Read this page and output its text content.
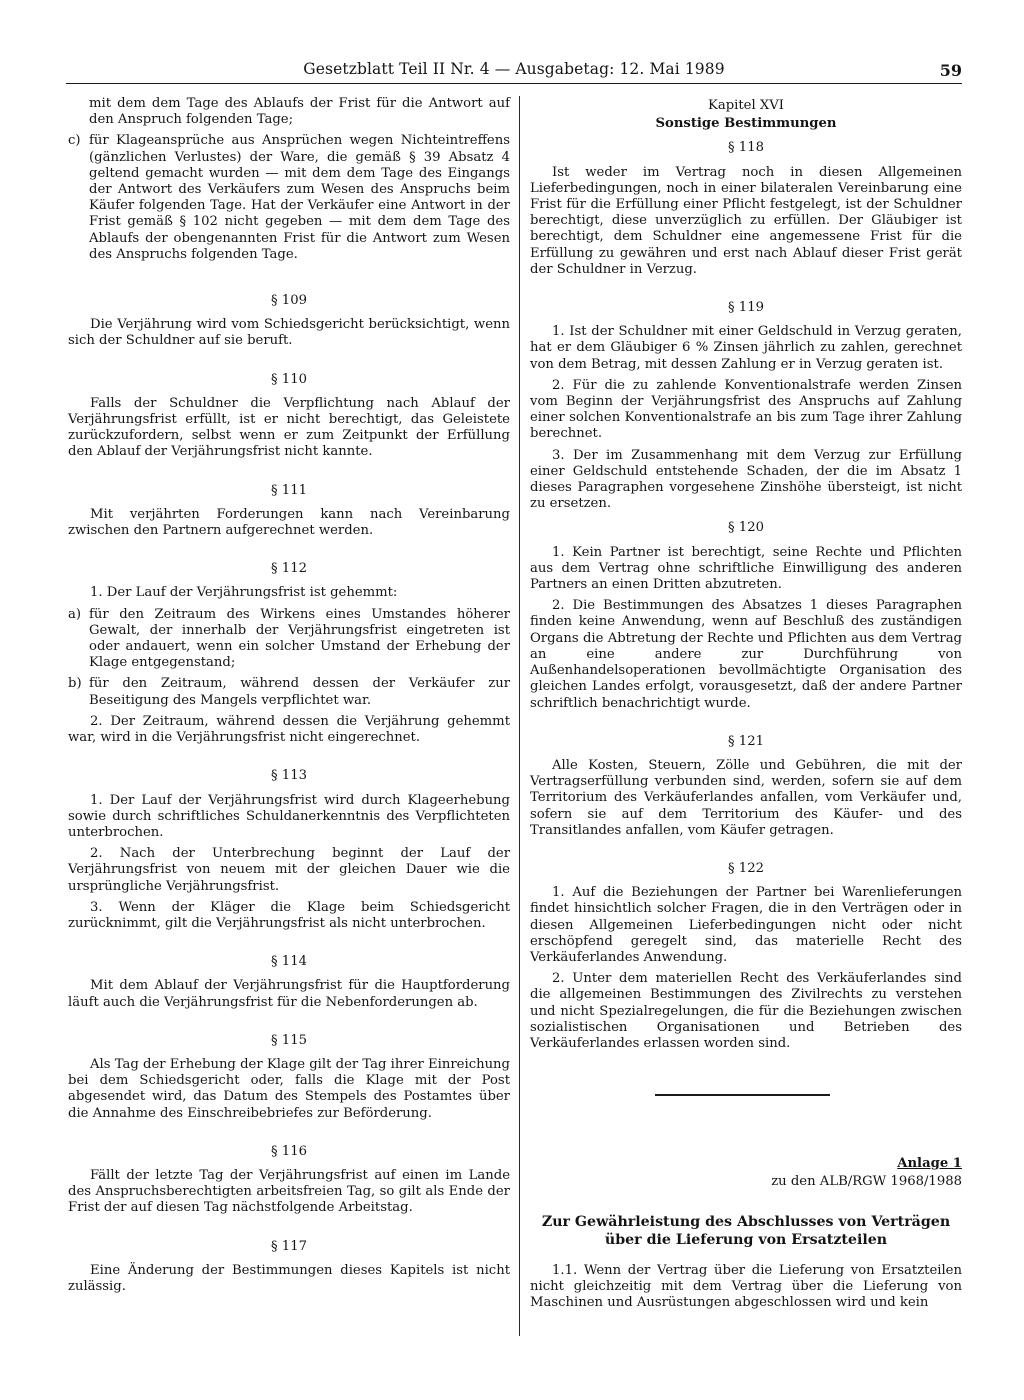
Gesetzblatt Teil II Nr. 4 — Ausgabetag: 12. Mai 1989	59

mit dem dem Tage des Ablaufs der Frist für die Antwort auf den Anspruch folgenden Tage;

c) für Klageansprüche aus Ansprüchen wegen Nichteintreffens (gänzlichen Verlustes) der Ware, die gemäß § 39 Absatz 4 geltend gemacht wurden — mit dem dem Tage des Eingangs der Antwort des Verkäufers zum Wesen des Anspruchs beim Käufer folgenden Tage. Hat der Verkäufer eine Antwort in der Frist gemäß § 102 nicht gegeben — mit dem dem Tage des Ablaufs der obengenannten Frist für die Antwort zum Wesen des Anspruchs folgenden Tage.
§ 109

Die Verjährung wird vom Schiedsgericht berücksichtigt, wenn sich der Schuldner auf sie beruft.

§ 110

Falls der Schuldner die Verpflichtung nach Ablauf der Verjährungsfrist erfüllt, ist er nicht berechtigt, das Geleistete zurückzufordern, selbst wenn er zum Zeitpunkt der Erfüllung den Ablauf der Verjährungsfrist nicht kannte.

§ 111

Mit verjährten Forderungen kann nach Vereinbarung zwischen den Partnern aufgerechnet werden.

§ 112

1. Der Lauf der Verjährungsfrist ist gehemmt:

a) für den Zeitraum des Wirkens eines Umstandes höherer Gewalt, der innerhalb der Verjährungsfrist eingetreten ist oder andauert, wenn ein solcher Umstand der Erhebung der Klage entgegenstand;
b) für den Zeitraum, während dessen der Verkäufer zur Beseitigung des Mangels verpflichtet war.

2. Der Zeitraum, während dessen die Verjährung gehemmt war, wird in die Verjährungsfrist nicht eingerechnet.

§ 113

1. Der Lauf der Verjährungsfrist wird durch Klageerhebung sowie durch schriftliches Schuldanerkenntnis des Verpflichteten unterbrochen.

2. Nach der Unterbrechung beginnt der Lauf der Verjährungsfrist von neuem mit der gleichen Dauer wie die ursprüngliche Verjährungsfrist.

3. Wenn der Kläger die Klage beim Schiedsgericht zurücknimmt, gilt die Verjährungsfrist als nicht unterbrochen.

§ 114

Mit dem Ablauf der Verjährungsfrist für die Hauptforderung läuft auch die Verjährungsfrist für die Nebenforderungen ab.

§ 115

Als Tag der Erhebung der Klage gilt der Tag ihrer Einreichung bei dem Schiedsgericht oder, falls die Klage mit der Post abgesendet wird, das Datum des Stempels des Postamtes über die Annahme des Einschreibebriefes zur Beförderung.

§ 116

Fällt der letzte Tag der Verjährungsfrist auf einen im Lande des Anspruchsberechtigten arbeitsfreien Tag, so gilt als Ende der Frist der auf diesen Tag nächstfolgende Arbeitstag.

§ 117

Eine Änderung der Bestimmungen dieses Kapitels ist nicht zulässig.

Kapitel XVI
Sonstige Bestimmungen
§ 118

Ist weder im Vertrag noch in diesen Allgemeinen Lieferbedingungen, noch in einer bilateralen Vereinbarung eine Frist für die Erfüllung einer Pflicht festgelegt, ist der Schuldner berechtigt, diese unverzüglich zu erfüllen. Der Gläubiger ist berechtigt, dem Schuldner eine angemessene Frist für die Erfüllung zu gewähren und erst nach Ablauf dieser Frist gerät der Schuldner in Verzug.

§ 119

1. Ist der Schuldner mit einer Geldschuld in Verzug geraten, hat er dem Gläubiger 6 % Zinsen jährlich zu zahlen, gerechnet von dem Betrag, mit dessen Zahlung er in Verzug geraten ist.

2. Für die zu zahlende Konventionalstrafe werden Zinsen vom Beginn der Verjährungsfrist des Anspruchs auf Zahlung einer solchen Konventionalstrafe an bis zum Tage ihrer Zahlung berechnet.

3. Der im Zusammenhang mit dem Verzug zur Erfüllung einer Geldschuld entstehende Schaden, der die im Absatz 1 dieses Paragraphen vorgesehene Zinshöhe übersteigt, ist nicht zu ersetzen.

§ 120

1. Kein Partner ist berechtigt, seine Rechte und Pflichten aus dem Vertrag ohne schriftliche Einwilligung des anderen Partners an einen Dritten abzutreten.

2. Die Bestimmungen des Absatzes 1 dieses Paragraphen finden keine Anwendung, wenn auf Beschluß des zuständigen Organs die Abtretung der Rechte und Pflichten aus dem Vertrag an eine andere zur Durchführung von Außenhandelsoperationen bevollmächtigte Organisation des gleichen Landes erfolgt, vorausgesetzt, daß der andere Partner schriftlich benachrichtigt wurde.

§ 121

Alle Kosten, Steuern, Zölle und Gebühren, die mit der Vertragserfüllung verbunden sind, werden, sofern sie auf dem Territorium des Verkäuferlandes anfallen, vom Verkäufer und, sofern sie auf dem Territorium des Käufer- und des Transitlandes anfallen, vom Käufer getragen.

§ 122

1. Auf die Beziehungen der Partner bei Warenlieferungen findet hinsichtlich solcher Fragen, die in den Verträgen oder in diesen Allgemeinen Lieferbedingungen nicht oder nicht erschöpfend geregelt sind, das materielle Recht des Verkäuferlandes Anwendung.

2. Unter dem materiellen Recht des Verkäuferlandes sind die allgemeinen Bestimmungen des Zivilrechts zu verstehen und nicht Spezialregelungen, die für die Beziehungen zwischen sozialistischen Organisationen und Betrieben des Verkäuferlandes erlassen worden sind.

Anlage 1
zu den ALB/RGW 1968/1988
Zur Gewährleistung des Abschlusses von Verträgen über die Lieferung von Ersatzteilen

1.1. Wenn der Vertrag über die Lieferung von Ersatzteilen nicht gleichzeitig mit dem Vertrag über die Lieferung von Maschinen und Ausrüstungen abgeschlossen wird und kein
